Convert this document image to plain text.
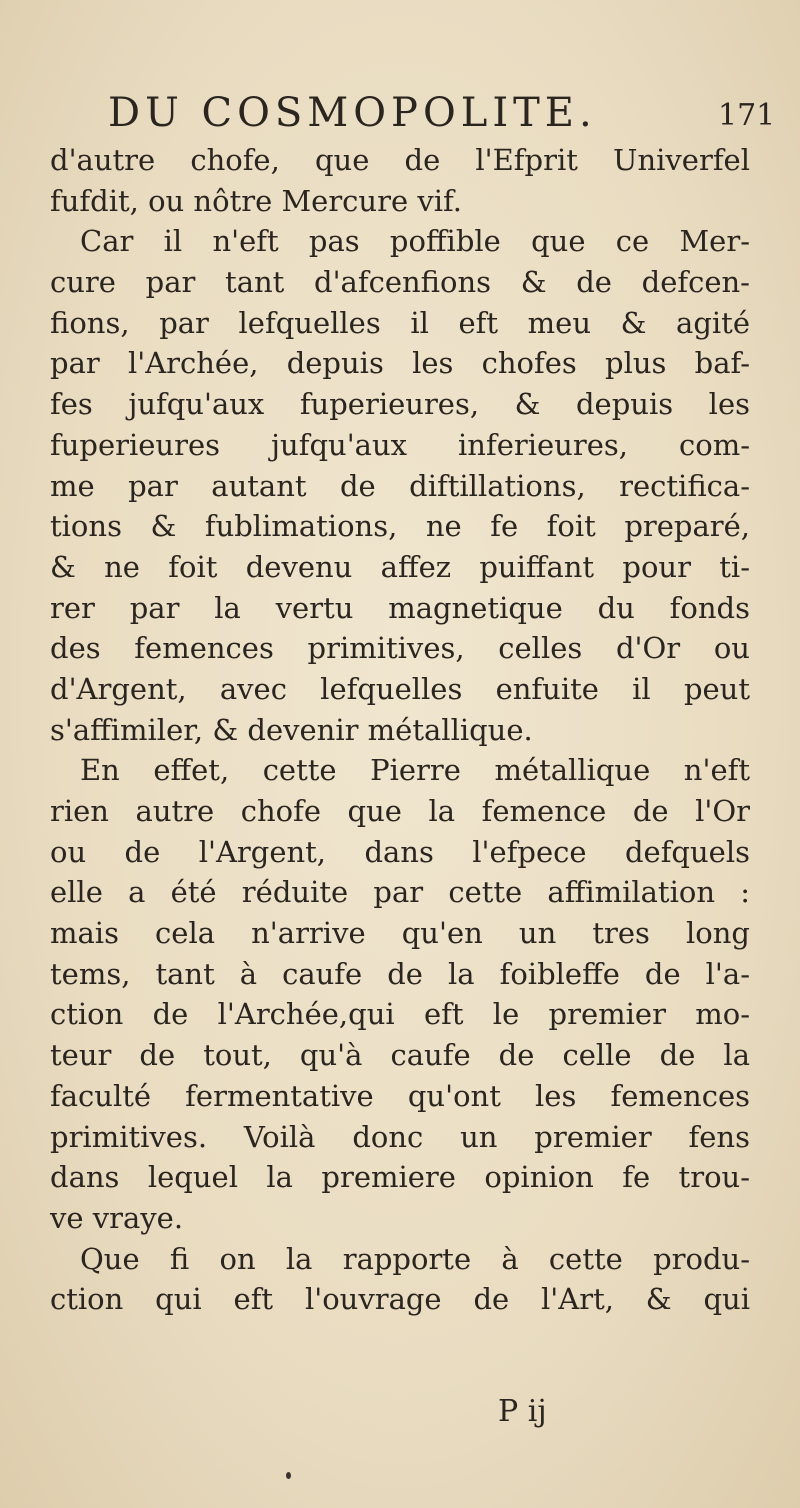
DU COSMOPOLITE.	171
d'autre chofe, que de l'Efprit Univerfel
fufdit, ou nôtre Mercure vif.
Car il n'eft pas poffible que ce Mer-
cure par tant d'afcenfions & de defcen-
fions, par lefquelles il eft meu & agité
par l'Archée, depuis les chofes plus baf-
fes jufqu'aux fuperieures, & depuis les
fuperieures jufqu'aux inferieures, com-
me par autant de diftillations, rectifica-
tions & fublimations, ne fe foit preparé,
& ne foit devenu affez puiffant pour ti-
rer par la vertu magnetique du fonds
des femences primitives, celles d'Or ou
d'Argent, avec lefquelles enfuite il peut
s'affimiler, & devenir métallique.
En effet, cette Pierre métallique n'eft
rien autre chofe que la femence de l'Or
ou de l'Argent, dans l'efpece defquels
elle a été réduite par cette affimilation :
mais cela n'arrive qu'en un tres long
tems, tant à caufe de la foibleffe de l'a-
ction de l'Archée,qui eft le premier mo-
teur de tout, qu'à caufe de celle de la
faculté fermentative qu'ont les femences
primitives. Voilà donc un premier fens
dans lequel la premiere opinion fe trou-
ve vraye.
Que fi on la rapporte à cette produ-
ction qui eft l'ouvrage de l'Art, & qui
P ij
